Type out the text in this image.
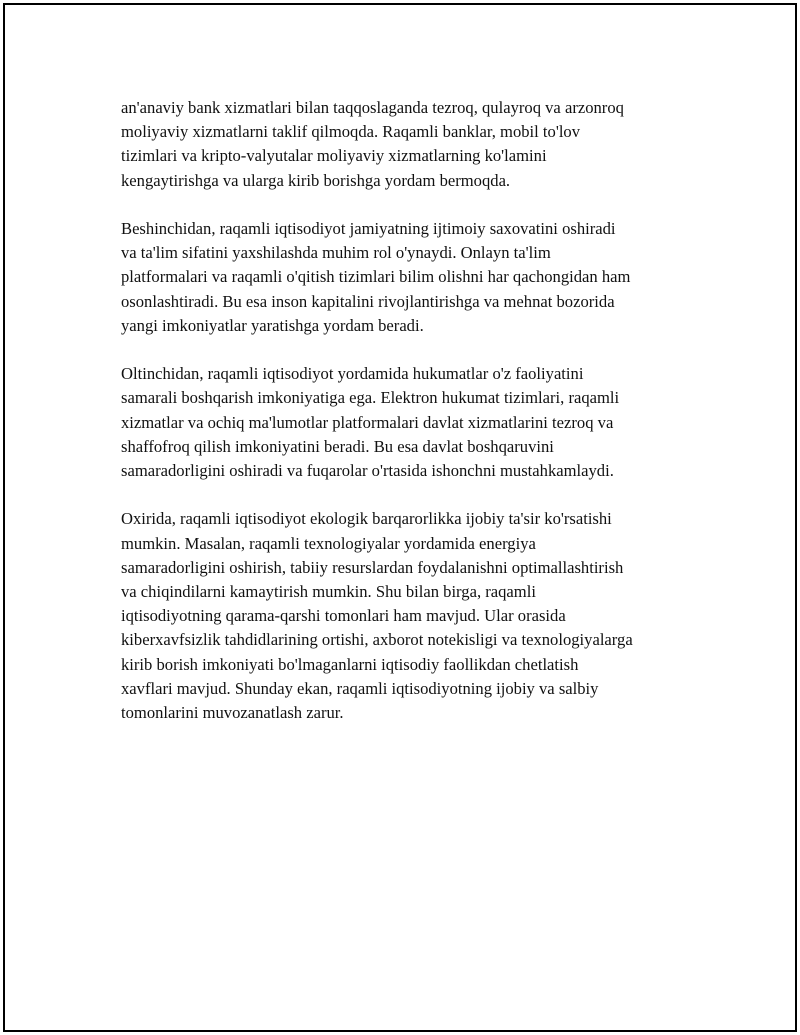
an'anaviy bank xizmatlari bilan taqqoslaganda tezroq, qulayroq va arzonroq
moliyaviy xizmatlarni taklif qilmoqda. Raqamli banklar, mobil to'lov
tizimlari va kripto-valyutalar moliyaviy xizmatlarning ko'lamini
kengaytirishga va ularga kirib borishga yordam bermoqda.

Beshinchidan, raqamli iqtisodiyot jamiyatning ijtimoiy saxovatini oshiradi
va ta'lim sifatini yaxshilashda muhim rol o'ynaydi. Onlayn ta'lim
platformalari va raqamli o'qitish tizimlari bilim olishni har qachongidan ham
osonlashtiradi. Bu esa inson kapitalini rivojlantirishga va mehnat bozorida
yangi imkoniyatlar yaratishga yordam beradi.

Oltinchidan, raqamli iqtisodiyot yordamida hukumatlar o'z faoliyatini
samarali boshqarish imkoniyatiga ega. Elektron hukumat tizimlari, raqamli
xizmatlar va ochiq ma'lumotlar platformalari davlat xizmatlarini tezroq va
shaffofroq qilish imkoniyatini beradi. Bu esa davlat boshqaruvini
samaradorligini oshiradi va fuqarolar o'rtasida ishonchni mustahkamlaydi.

Oxirida, raqamli iqtisodiyot ekologik barqarorlikka ijobiy ta'sir ko'rsatishi
mumkin. Masalan, raqamli texnologiyalar yordamida energiya
samaradorligini oshirish, tabiiy resurslardan foydalanishni optimallashtirish
va chiqindilarni kamaytirish mumkin. Shu bilan birga, raqamli
iqtisodiyotning qarama-qarshi tomonlari ham mavjud. Ular orasida
kiberxavfsizlik tahdidlarining ortishi, axborot notekisligi va texnologiyalarga
kirib borish imkoniyati bo'lmaganlarni iqtisodiy faollikdan chetlatish
xavflari mavjud. Shunday ekan, raqamli iqtisodiyotning ijobiy va salbiy
tomonlarini muvozanatlash zarur.
